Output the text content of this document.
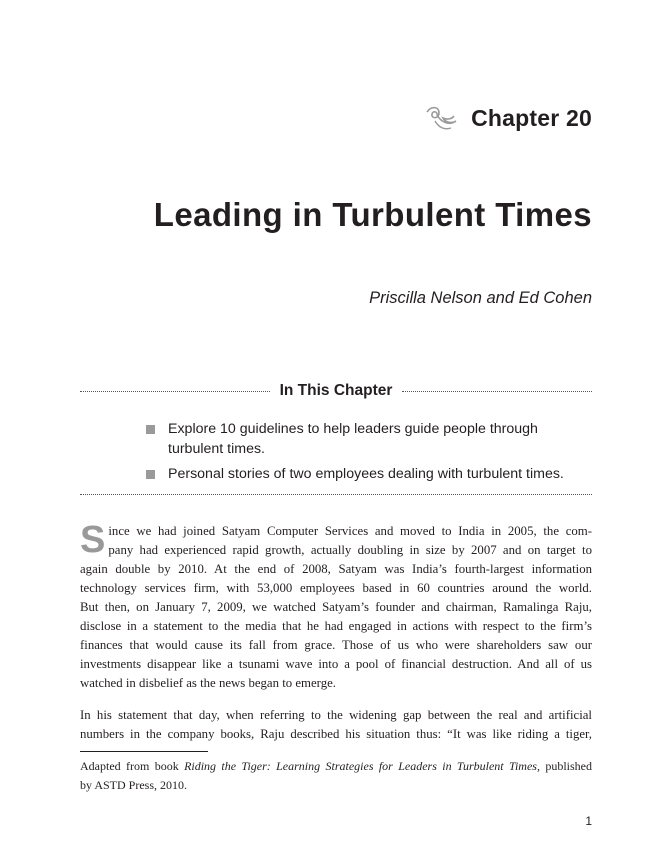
Chapter 20
Leading in Turbulent Times
Priscilla Nelson and Ed Cohen
In This Chapter
Explore 10 guidelines to help leaders guide people through turbulent times.
Personal stories of two employees dealing with turbulent times.
S ince we had joined Satyam Computer Services and moved to India in 2005, the com-
pany had experienced rapid growth, actually doubling in size by 2007 and on target to
again double by 2010. At the end of 2008, Satyam was India’s fourth-largest information
technology services firm, with 53,000 employees based in 60 countries around the world.
But then, on January 7, 2009, we watched Satyam’s founder and chairman, Ramalinga Raju,
disclose in a statement to the media that he had engaged in actions with respect to the firm’s
finances that would cause its fall from grace. Those of us who were shareholders saw our
investments disappear like a tsunami wave into a pool of financial destruction. And all of us
watched in disbelief as the news began to emerge.
In his statement that day, when referring to the widening gap between the real and artificial
numbers in the company books, Raju described his situation thus: “It was like riding a tiger,
Adapted from book Riding the Tiger: Learning Strategies for Leaders in Turbulent Times, published
by ASTD Press, 2010.
1
